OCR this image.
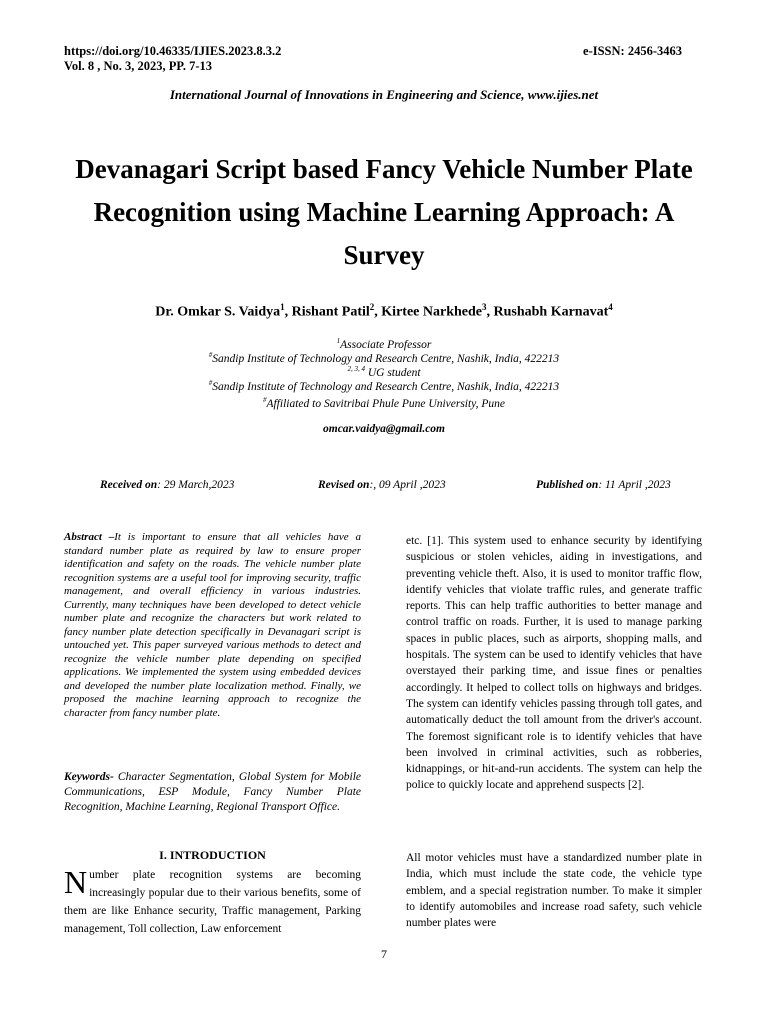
https://doi.org/10.46335/IJIES.2023.8.3.2
Vol. 8 , No. 3, 2023, PP. 7-13
e-ISSN: 2456-3463
International Journal of Innovations in Engineering and Science, www.ijies.net
Devanagari Script based Fancy Vehicle Number Plate Recognition using Machine Learning Approach: A Survey
Dr. Omkar S. Vaidya$^1$, Rishant Patil$^2$, Kirtee Narkhede$^3$, Rushabh Karnavat$^4$
$^1$Associate Professor
#Sandip Institute of Technology and Research Centre, Nashik, India, 422213
$^{2, 3, 4}$ UG student
#Sandip Institute of Technology and Research Centre, Nashik, India, 422213
#Affiliated to Savitribai Phule Pune University, Pune
omcar.vaidya@gmail.com
Received on: 29 March,2023	Revised on:, 09 April ,2023	Published on: 11 April ,2023
Abstract –It is important to ensure that all vehicles have a standard number plate as required by law to ensure proper identification and safety on the roads. The vehicle number plate recognition systems are a useful tool for improving security, traffic management, and overall efficiency in various industries. Currently, many techniques have been developed to detect vehicle number plate and recognize the characters but work related to fancy number plate detection specifically in Devanagari script is untouched yet. This paper surveyed various methods to detect and recognize the vehicle number plate depending on specified applications. We implemented the system using embedded devices and developed the number plate localization method. Finally, we proposed the machine learning approach to recognize the character from fancy number plate.
Keywords- Character Segmentation, Global System for Mobile Communications, ESP Module, Fancy Number Plate Recognition, Machine Learning, Regional Transport Office.
I. INTRODUCTION
Number plate recognition systems are becoming increasingly popular due to their various benefits, some of them are like Enhance security, Traffic management, Parking management, Toll collection, Law enforcement
etc. [1]. This system used to enhance security by identifying suspicious or stolen vehicles, aiding in investigations, and preventing vehicle theft. Also, it is used to monitor traffic flow, identify vehicles that violate traffic rules, and generate traffic reports. This can help traffic authorities to better manage and control traffic on roads. Further, it is used to manage parking spaces in public places, such as airports, shopping malls, and hospitals. The system can be used to identify vehicles that have overstayed their parking time, and issue fines or penalties accordingly. It helped to collect tolls on highways and bridges. The system can identify vehicles passing through toll gates, and automatically deduct the toll amount from the driver's account. The foremost significant role is to identify vehicles that have been involved in criminal activities, such as robberies, kidnappings, or hit-and-run accidents. The system can help the police to quickly locate and apprehend suspects [2].
All motor vehicles must have a standardized number plate in India, which must include the state code, the vehicle type emblem, and a special registration number. To make it simpler to identify automobiles and increase road safety, such vehicle number plates were
7
